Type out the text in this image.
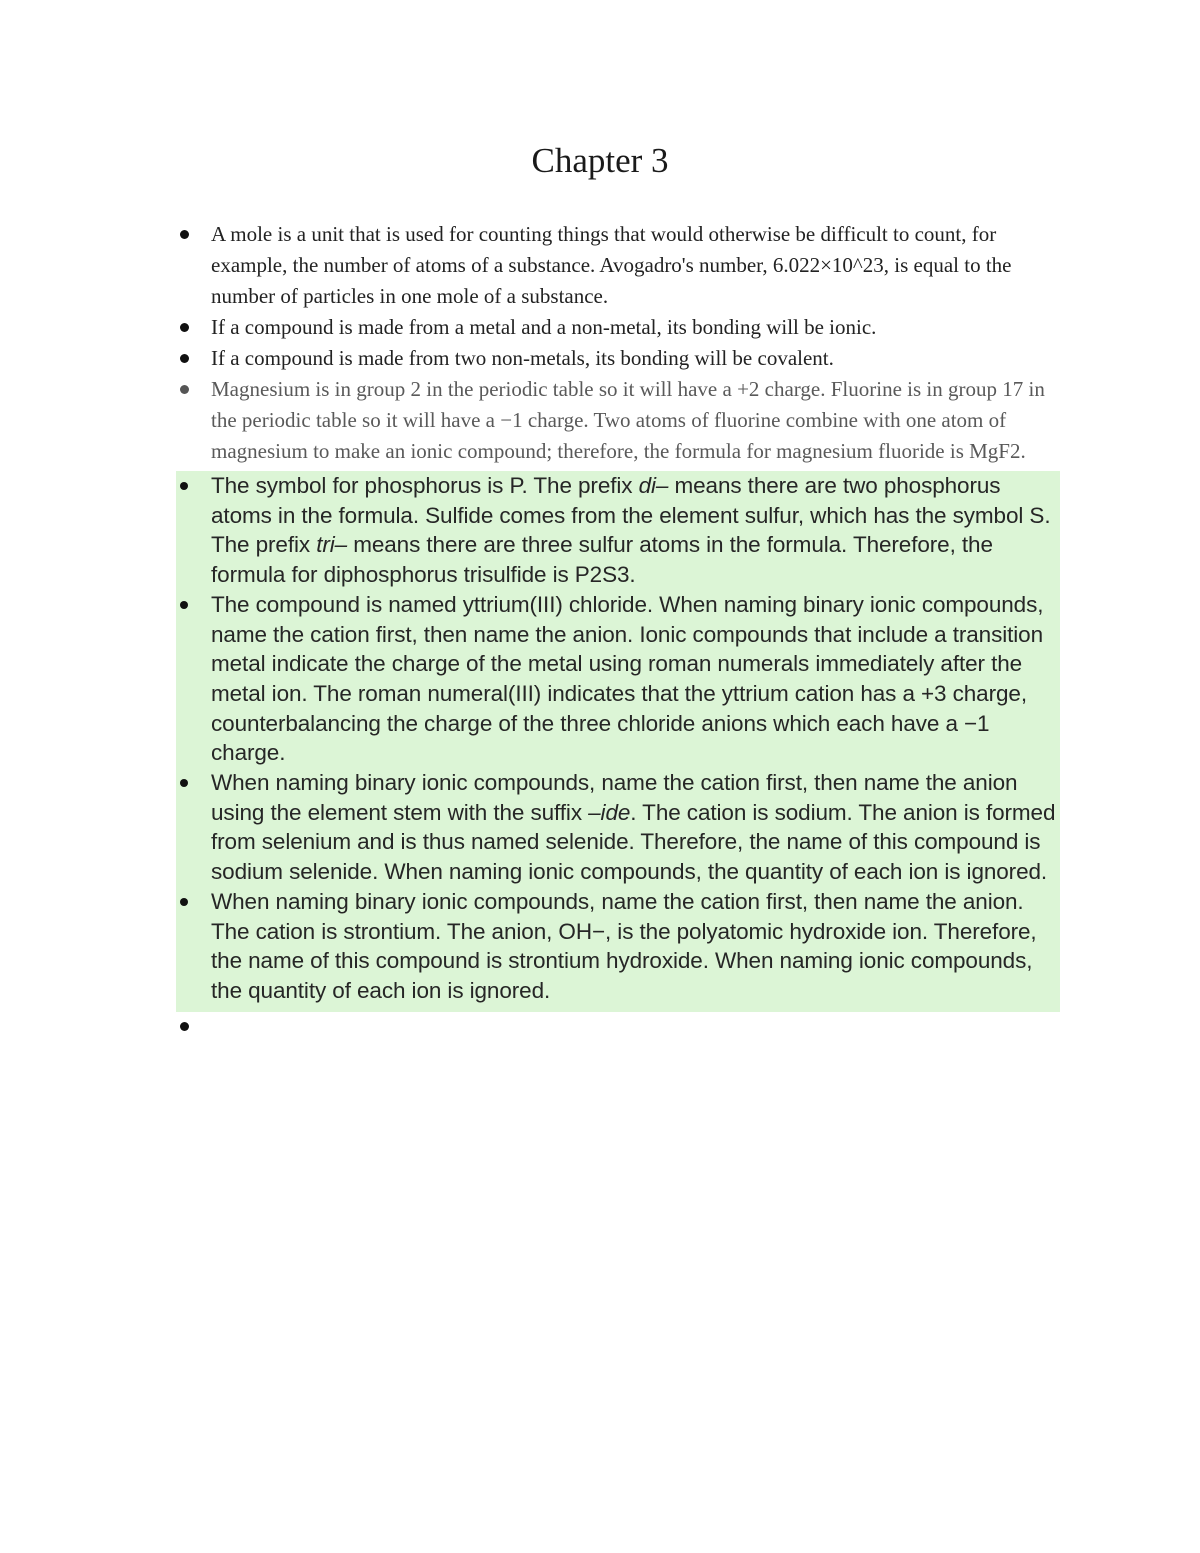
Chapter 3
A mole is a unit that is used for counting things that would otherwise be difficult to count, for example, the number of atoms of a substance. Avogadro's number, 6.022×10^23, is equal to the number of particles in one mole of a substance.
If a compound is made from a metal and a non-metal, its bonding will be ionic.
If a compound is made from two non-metals, its bonding will be covalent.
Magnesium is in group 2 in the periodic table so it will have a +2 charge. Fluorine is in group 17 in the periodic table so it will have a −1 charge. Two atoms of fluorine combine with one atom of magnesium to make an ionic compound; therefore, the formula for magnesium fluoride is MgF2.
The symbol for phosphorus is P. The prefix di– means there are two phosphorus atoms in the formula. Sulfide comes from the element sulfur, which has the symbol S. The prefix tri– means there are three sulfur atoms in the formula. Therefore, the formula for diphosphorus trisulfide is P2S3.
The compound is named yttrium(III) chloride. When naming binary ionic compounds, name the cation first, then name the anion. Ionic compounds that include a transition metal indicate the charge of the metal using roman numerals immediately after the metal ion. The roman numeral(III) indicates that the yttrium cation has a +3 charge, counterbalancing the charge of the three chloride anions which each have a −1 charge.
When naming binary ionic compounds, name the cation first, then name the anion using the element stem with the suffix –ide. The cation is sodium. The anion is formed from selenium and is thus named selenide. Therefore, the name of this compound is sodium selenide. When naming ionic compounds, the quantity of each ion is ignored.
When naming binary ionic compounds, name the cation first, then name the anion. The cation is strontium. The anion, OH−, is the polyatomic hydroxide ion. Therefore, the name of this compound is strontium hydroxide. When naming ionic compounds, the quantity of each ion is ignored.
